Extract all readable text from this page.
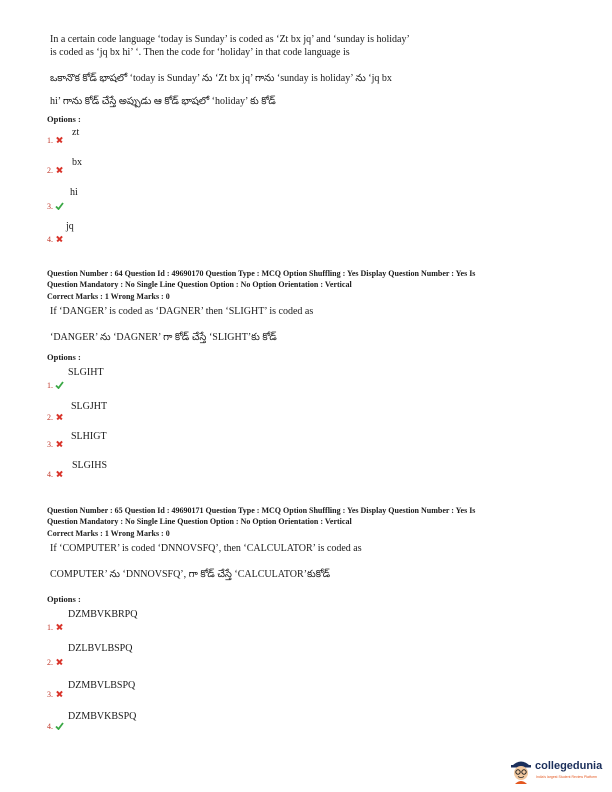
In a certain code language ‘today is Sunday’ is coded as ‘Zt bx jq’ and ‘sunday is holiday’
is coded as ‘jq bx hi’ ‘. Then the code for ‘holiday’ in that code language is
ఒకానొక కోడ్ భాషలో ‘today is Sunday’ ను ‘Zt bx jq’ గాను ‘sunday is holiday’ ను ‘jq bx
hi’ గాను కోడ్ చేస్తే అప్పుడు ఆ కోడ్ భాషలో ‘holiday’ కు కోడ్
Options :
1.
zt
2.
bx
3.
hi
4.
jq
Question Number : 64 Question Id : 49690170 Question Type : MCQ Option Shuffling : Yes Display Question Number : Yes Is
Question Mandatory : No Single Line Question Option : No Option Orientation : Vertical
Correct Marks : 1 Wrong Marks : 0
If ‘DANGER’ is coded as ‘DAGNER’ then ‘SLIGHT’ is coded as
‘DANGER’ ను ‘DAGNER’ గా కోడ్ చేస్తే ‘SLIGHT’కు కోడ్
Options :
1.
SLGIHT
2.
SLGJHT
3.
SLHIGT
4.
SLGIHS
Question Number : 65 Question Id : 49690171 Question Type : MCQ Option Shuffling : Yes Display Question Number : Yes Is
Question Mandatory : No Single Line Question Option : No Option Orientation : Vertical
Correct Marks : 1 Wrong Marks : 0
If ‘COMPUTER’ is coded ‘DNNOVSFQ’, then ‘CALCULATOR’ is coded as
COMPUTER’ ను ‘DNNOVSFQ’, గా కోడ్ చేస్తే ‘CALCULATOR’కుకోడ్
Options :
1.
DZMBVKBRPQ
2.
DZLBVLBSPQ
3.
DZMBVLBSPQ
4.
DZMBVKBSPQ
collegedunia
India's largest Student Review Platform
